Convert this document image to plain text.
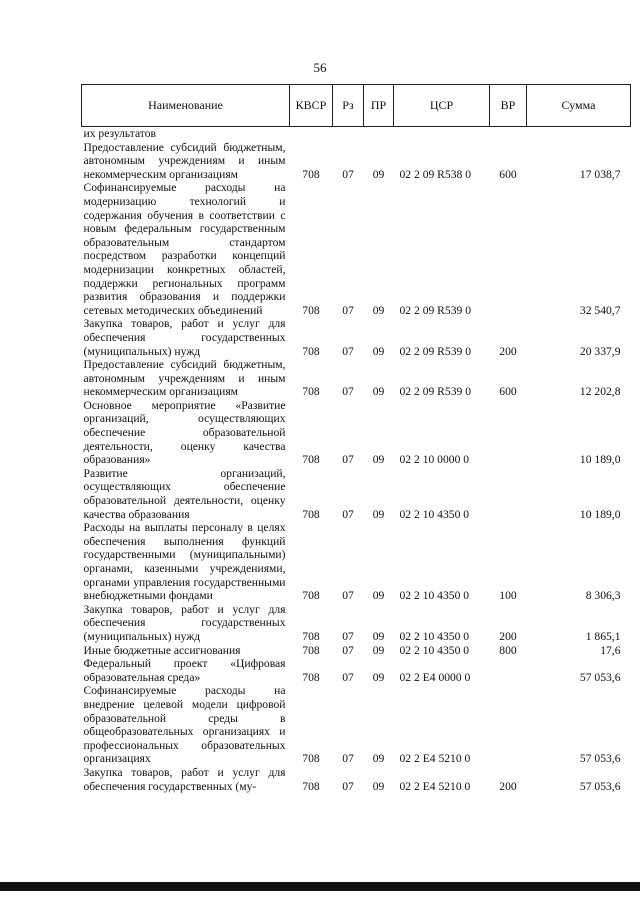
56
Наименование	КВСР	Рз	ПР	ЦСР	ВР	Сумма
их результатов						
Предоставление субсидий бюджетным, автономным учреждениям и иным некоммерческим организациям	708	07	09	02 2 09 R538 0	600	17 038,7
Софинансируемые расходы на модернизацию технологий и содержания обучения в соответствии с новым федеральным государственным образовательным стандартом посредством разработки концепций модернизации конкретных областей, поддержки региональных программ развития образования и поддержки сетевых методических объединений	708	07	09	02 2 09 R539 0		32 540,7
Закупка товаров, работ и услуг для обеспечения государственных (муниципальных) нужд	708	07	09	02 2 09 R539 0	200	20 337,9
Предоставление субсидий бюджетным, автономным учреждениям и иным некоммерческим организациям	708	07	09	02 2 09 R539 0	600	12 202,8
Основное мероприятие «Развитие организаций, осуществляющих обеспечение образовательной деятельности, оценку качества образования»	708	07	09	02 2 10 0000 0		10 189,0
Развитие организаций, осуществляющих обеспечение образовательной деятельности, оценку качества образования	708	07	09	02 2 10 4350 0		10 189,0
Расходы на выплаты персоналу в целях обеспечения выполнения функций государственными (муниципальными) органами, казенными учреждениями, органами управления государственными внебюджетными фондами	708	07	09	02 2 10 4350 0	100	8 306,3
Закупка товаров, работ и услуг для обеспечения государственных (муниципальных) нужд	708	07	09	02 2 10 4350 0	200	1 865,1
Иные бюджетные ассигнования	708	07	09	02 2 10 4350 0	800	17,6
Федеральный проект «Цифровая образовательная среда»	708	07	09	02 2 E4 0000 0		57 053,6
Софинансируемые расходы на внедрение целевой модели цифровой образовательной среды в общеобразовательных организациях и профессиональных образовательных организациях	708	07	09	02 2 E4 5210 0		57 053,6
Закупка товаров, работ и услуг для обеспечения государственных (му-	708	07	09	02 2 E4 5210 0	200	57 053,6
